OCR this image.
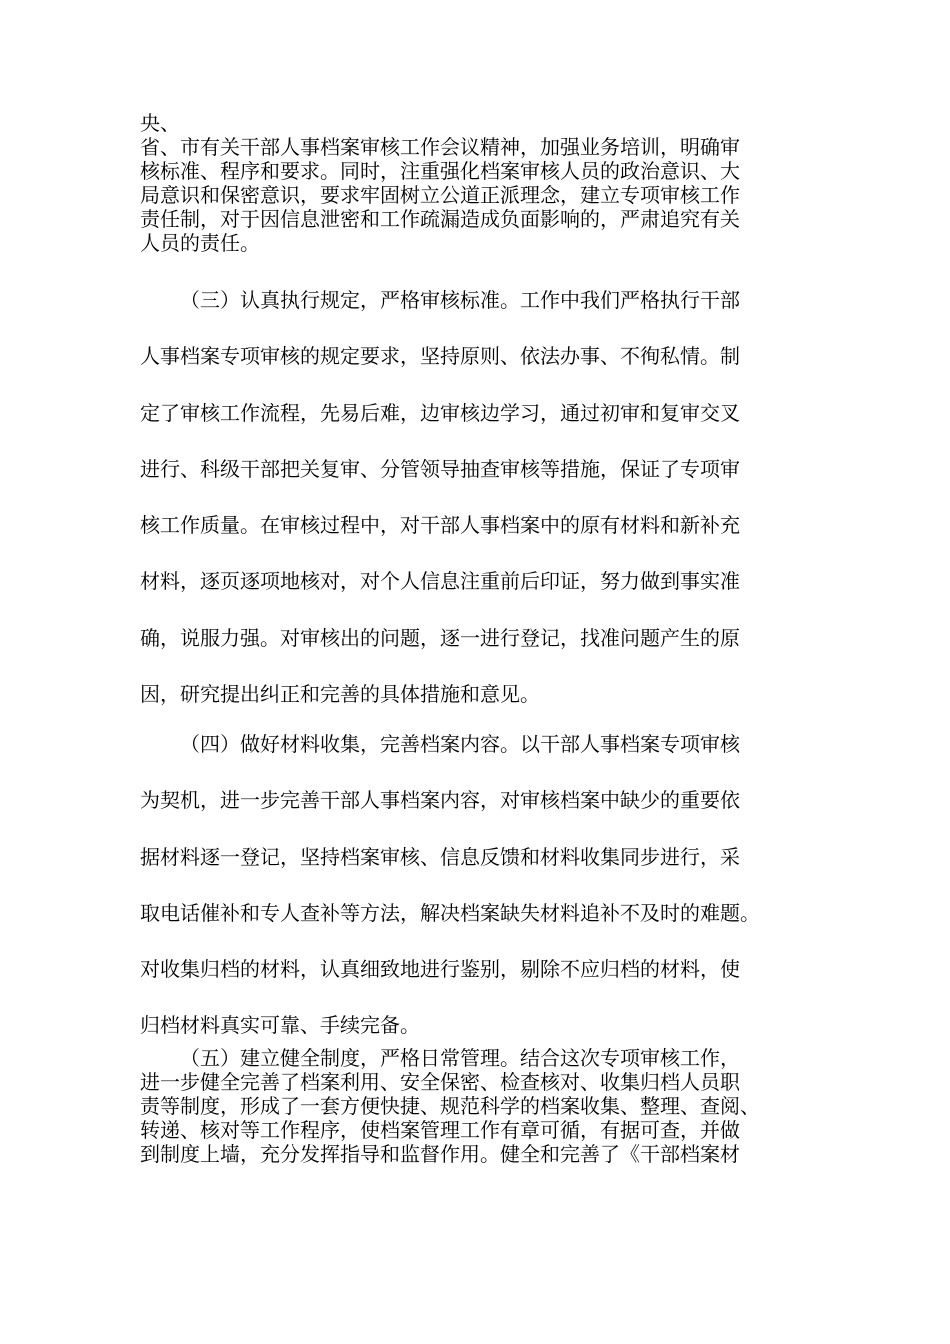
央、
省、市有关干部人事档案审核工作会议精神，加强业务培训，明确审
核标准、程序和要求。同时，注重强化档案审核人员的政治意识、大
局意识和保密意识，要求牢固树立公道正派理念，建立专项审核工作
责任制，对于因信息泄密和工作疏漏造成负面影响的，严肃追究有关
人员的责任。
（三）认真执行规定，严格审核标准。工作中我们严格执行干部
人事档案专项审核的规定要求，坚持原则、依法办事、不徇私情。制
定了审核工作流程，先易后难，边审核边学习，通过初审和复审交叉
进行、科级干部把关复审、分管领导抽查审核等措施，保证了专项审
核工作质量。在审核过程中，对干部人事档案中的原有材料和新补充
材料，逐页逐项地核对，对个人信息注重前后印证，努力做到事实准
确，说服力强。对审核出的问题，逐一进行登记，找准问题产生的原
因，研究提出纠正和完善的具体措施和意见。
（四）做好材料收集，完善档案内容。以干部人事档案专项审核
为契机，进一步完善干部人事档案内容，对审核档案中缺少的重要依
据材料逐一登记，坚持档案审核、信息反馈和材料收集同步进行，采
取电话催补和专人查补等方法，解决档案缺失材料追补不及时的难题。
对收集归档的材料，认真细致地进行鉴别，剔除不应归档的材料，使
归档材料真实可靠、手续完备。
（五）建立健全制度，严格日常管理。结合这次专项审核工作，
进一步健全完善了档案利用、安全保密、检查核对、收集归档人员职
责等制度，形成了一套方便快捷、规范科学的档案收集、整理、查阅、
转递、核对等工作程序，使档案管理工作有章可循，有据可查，并做
到制度上墙，充分发挥指导和监督作用。健全和完善了《干部档案材
